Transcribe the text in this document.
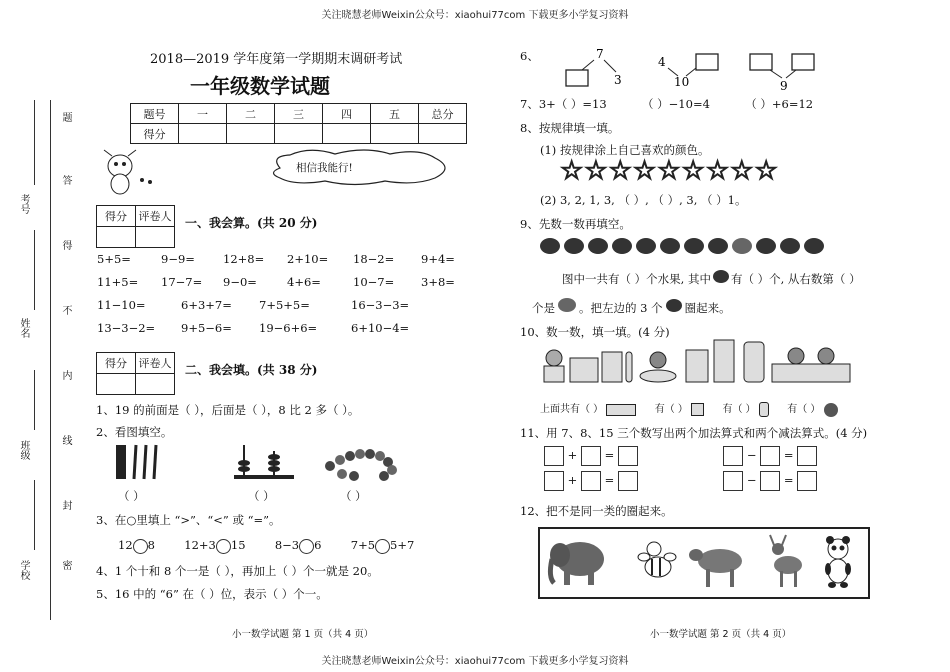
关注晓慧老师Weixin公众号：xiaohui77com 下载更多小学复习资料
关注晓慧老师Weixin公众号：xiaohui77com 下载更多小学复习资料
学校
班级
姓名
考号
密
封
线
内
不
得
答
题
2018—2019 学年度第一学期期末调研考试
一年级数学试题
题号	一	二	三	四	五	总分
得分						
相信我能行!
得分	评卷人
	一、我会算。(共 20 分)
5+5=	9−9= 12+8= 2+10= 18−2= 9+4=
11+5= 17−7= 9−0=	4+6=	10−7= 3+8=
11−10=	6+3+7= 7+5+5=	16−3−3=
13−3−2= 9+5−6= 19−6+6=	6+10−4=
得分	评卷人
	二、我会填。(共 38 分)
1、19 的前面是（ ），后面是（ ），8 比 2 多（ ）。
2、看图填空。
（ ）	（ ）	（ ）
3、在○里填上 “>”、“<” 或 “=”。
12 8	12+3 15	8−3 6	7+5 5+7
4、1 个十和 8 个一是（ ），再加上（ ）个一就是 20。
5、16 中的 “6” 在（ ）位，表示（ ）个一。
小一数学试题 第 1 页（共 4 页）
6、	7
3
4
10	9
7、3+（ ）=13	（ ）−10=4	（ ）+6=12
8、按规律填一填。
(1) 按规律涂上自己喜欢的颜色。
☆☆☆☆☆☆☆☆☆
(2) 3, 2, 1, 3, （ ）, （ ）, 3, （ ）1。
9、先数一数再填空。
图中一共有（ ）个水果, 其中 有（ ）个, 从右数第（ ）
个是 。把左边的 3 个 圈起来。
10、数一数，填一填。(4 分)
上面共有（ ）	有（ ）	有（ ）	有（ ）
11、用 7、8、15 三个数写出两个加法算式和两个减法算式。(4 分)
+ =	− =
+ =	− =
12、把不是同一类的圈起来。
小一数学试题 第 2 页（共 4 页）
